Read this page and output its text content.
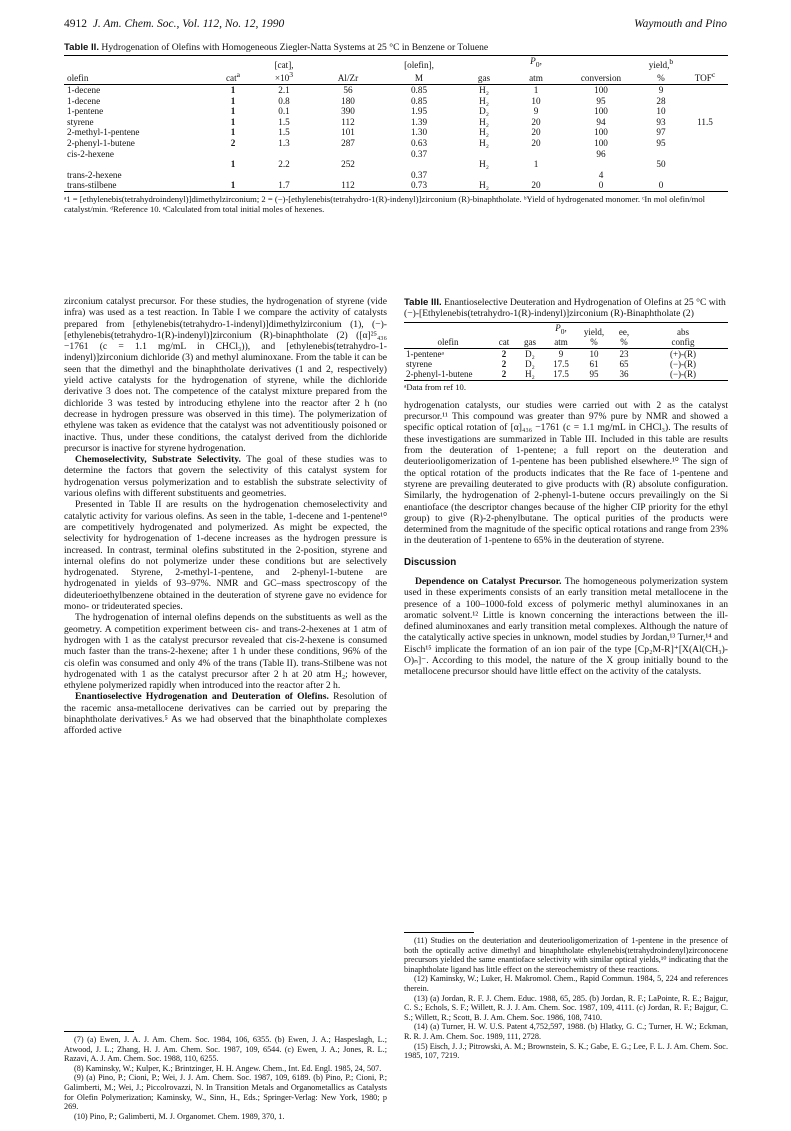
4912 J. Am. Chem. Soc., Vol. 112, No. 12, 1990	Waymouth and Pino
Table II. Hydrogenation of Olefins with Homogeneous Ziegler-Natta Systems at 25 °C in Benzene or Toluene
		[cat],		[olefin],		$P_0$,		yield,$^b$	
olefin	cat$^a$	$\times 10^3$	Al/Zr	M	gas	atm	conversion	%	TOF$^c$
1-decene	1	2.1	56	0.85	H₂	1	100	9	
1-decene	1	0.8	180	0.85	H₂	10	95	28	
1-pentene	1	0.1	390	1.95	D₂	9	100	10	
styrene	1	1.5	112	1.39	H₂	20	94	93	11.5
2-methyl-1-pentene	1	1.5	101	1.30	H₂	20	100	97	
2-phenyl-1-butene	2	1.3	287	0.63	H₂	20	100	95	
cis-2-hexene				0.37			96		
	1	2.2	252		H₂	1		50	
trans-2-hexene				0.37			4		
trans-stilbene	1	1.7	112	0.73	H₂	20	0	0	
ᵃ1 = [ethylenebis(tetrahydroindenyl)]dimethylzirconium; 2 = (−)-[ethylenebis(tetrahydro-1(R)-indenyl)]zirconium (R)-binaphtholate. ᵇYield of hydrogenated monomer. ᶜIn mol olefin/mol catalyst/min. ᵈReference 10. ᵉCalculated from total initial moles of hexenes.

zirconium catalyst precursor. For these studies, the hydrogenation of styrene (vide infra) was used as a test reaction. In Table I we compare the activity of catalysts prepared from [ethylenebis(tetrahydro-1-indenyl)]dimethylzirconium (1), (−)-[ethylenebis(tetrahydro-1(R)-indenyl)]zirconium (R)-binaphtholate (2) ([α]²⁵₄₃₆ −1761 (c = 1.1 mg/mL in CHCl₃)), and [ethylenebis(tetrahydro-1-indenyl)]zirconium dichloride (3) and methyl aluminoxane. From the table it can be seen that the dimethyl and the binaphtholate derivatives (1 and 2, respectively) yield active catalysts for the hydrogenation of styrene, while the dichloride derivative 3 does not. The competence of the catalyst mixture prepared from the dichloride 3 was tested by introducing ethylene into the reactor after 2 h (no decrease in hydrogen pressure was observed in this time). The polymerization of ethylene was taken as evidence that the catalyst was not adventitiously poisoned or inactive. Thus, under these conditions, the catalyst derived from the dichloride precursor is inactive for styrene hydrogenation.

Chemoselectivity, Substrate Selectivity. The goal of these studies was to determine the factors that govern the selectivity of this catalyst system for hydrogenation versus polymerization and to establish the substrate selectivity of various olefins with different substituents and geometries.

Presented in Table II are results on the hydrogenation chemoselectivity and catalytic activity for various olefins. As seen in the table, 1-decene and 1-pentene¹⁰ are competitively hydrogenated and polymerized. As might be expected, the selectivity for hydrogenation of 1-decene increases as the hydrogen pressure is increased. In contrast, terminal olefins substituted in the 2-position, styrene and internal olefins do not polymerize under these conditions but are selectively hydrogenated. Styrene, 2-methyl-1-pentene, and 2-phenyl-1-butene are hydrogenated in yields of 93–97%. NMR and GC–mass spectroscopy of the dideuterioethylbenzene obtained in the deuteration of styrene gave no evidence for mono- or trideuterated species.

The hydrogenation of internal olefins depends on the substituents as well as the geometry. A competition experiment between cis- and trans-2-hexenes at 1 atm of hydrogen with 1 as the catalyst precursor revealed that cis-2-hexene is consumed much faster than the trans-2-hexene; after 1 h under these conditions, 96% of the cis olefin was consumed and only 4% of the trans (Table II). trans-Stilbene was not hydrogenated with 1 as the catalyst precursor after 2 h at 20 atm H₂; however, ethylene polymerized rapidly when introduced into the reactor after 2 h.

Enantioselective Hydrogenation and Deuteration of Olefins. Resolution of the racemic ansa-metallocene derivatives can be carried out by preparing the binaphtholate derivatives.⁵ As we had observed that the binaphtholate complexes afforded active

(7) (a) Ewen, J. A. J. Am. Chem. Soc. 1984, 106, 6355. (b) Ewen, J. A.; Haspeslagh, L.; Atwood, J. L.; Zhang, H. J. Am. Chem. Soc. 1987, 109, 6544. (c) Ewen, J. A.; Jones, R. L.; Razavi, A. J. Am. Chem. Soc. 1988, 110, 6255.
(8) Kaminsky, W.; Kulper, K.; Brintzinger, H. H. Angew. Chem., Int. Ed. Engl. 1985, 24, 507.
(9) (a) Pino, P.; Cioni, P.; Wei, J. J. Am. Chem. Soc. 1987, 109, 6189. (b) Pino, P.; Cioni, P.; Galimberti, M.; Wei, J.; Piccolrovazzi, N. In Transition Metals and Organometallics as Catalysts for Olefin Polymerization; Kaminsky, W., Sinn, H., Eds.; Springer-Verlag: New York, 1980; p 269.
(10) Pino, P.; Galimberti, M. J. Organomet. Chem. 1989, 370, 1.
Table III. Enantioselective Deuteration and Hydrogenation of Olefins at 25 °C with (−)-[Ethylenebis(tetrahydro-1(R)-indenyl)]zirconium (R)-Binaphtholate (2)
			$P_0$,	yield,	ee,	abs
olefin	cat	gas	atm	%	%	config
1-penteneᵃ	2	D₂	9	10	23	(+)-(R)
styrene	2	D₂	17.5	61	65	(−)-(R)
2-phenyl-1-butene	2	H₂	17.5	95	36	(−)-(R)
ᵃData from ref 10.

hydrogenation catalysts, our studies were carried out with 2 as the catalyst precursor.¹¹ This compound was greater than 97% pure by NMR and showed a specific optical rotation of [α]₄₃₆ −1761 (c = 1.1 mg/mL in CHCl₃). The results of these investigations are summarized in Table III. Included in this table are results from the deuteration of 1-pentene; a full report on the deuteration and deuteriooligomerization of 1-pentene has been published elsewhere.¹⁰ The sign of the optical rotation of the products indicates that the Re face of 1-pentene and styrene are prevailing deuterated to give products with (R) absolute configuration. Similarly, the hydrogenation of 2-phenyl-1-butene occurs prevailingly on the Si enantioface (the descriptor changes because of the higher CIP priority for the ethyl group) to give (R)-2-phenylbutane. The optical purities of the products were determined from the magnitude of the specific optical rotations and range from 23% in the deuteration of 1-pentene to 65% in the deuteration of styrene.

Discussion

Dependence on Catalyst Precursor. The homogeneous polymerization system used in these experiments consists of an early transition metal metallocene in the presence of a 100–1000-fold excess of polymeric methyl aluminoxanes in an aromatic solvent.¹² Little is known concerning the interactions between the ill-defined aluminoxanes and early transition metal complexes. Although the nature of the catalytically active species in unknown, model studies by Jordan,¹³ Turner,¹⁴ and Eisch¹⁵ implicate the formation of an ion pair of the type [Cp₂M-R]⁺[X(Al(CH₃)-O)ₙ]⁻. According to this model, the nature of the X group initially bound to the metallocene precursor should have little effect on the activity of the catalysts.

(11) Studies on the deuteriation and deuteriooligomerization of 1-pentene in the presence of both the optically active dimethyl and binaphtholate ethylenebis(tetrahydroindenyl)zirconocene precursors yielded the same enantioface selectivity with similar optical yields,¹⁰ indicating that the binaphtholate ligand has little effect on the stereochemistry of these reactions.
(12) Kaminsky, W.; Luker, H. Makromol. Chem., Rapid Commun. 1984, 5, 224 and references therein.
(13) (a) Jordan, R. F. J. Chem. Educ. 1988, 65, 285. (b) Jordan, R. F.; LaPointe, R. E.; Bajgur, C. S.; Echols, S. F.; Willett, R. J. J. Am. Chem. Soc. 1987, 109, 4111. (c) Jordan, R. F.; Bajgur, C. S.; Willett, R.; Scott, B. J. Am. Chem. Soc. 1986, 108, 7410.
(14) (a) Turner, H. W. U.S. Patent 4,752,597, 1988. (b) Hlatky, G. C.; Turner, H. W.; Eckman, R. R. J. Am. Chem. Soc. 1989, 111, 2728.
(15) Eisch, J. J.; Pitrowski, A. M.; Brownstein, S. K.; Gabe, E. G.; Lee, F. L. J. Am. Chem. Soc. 1985, 107, 7219.
